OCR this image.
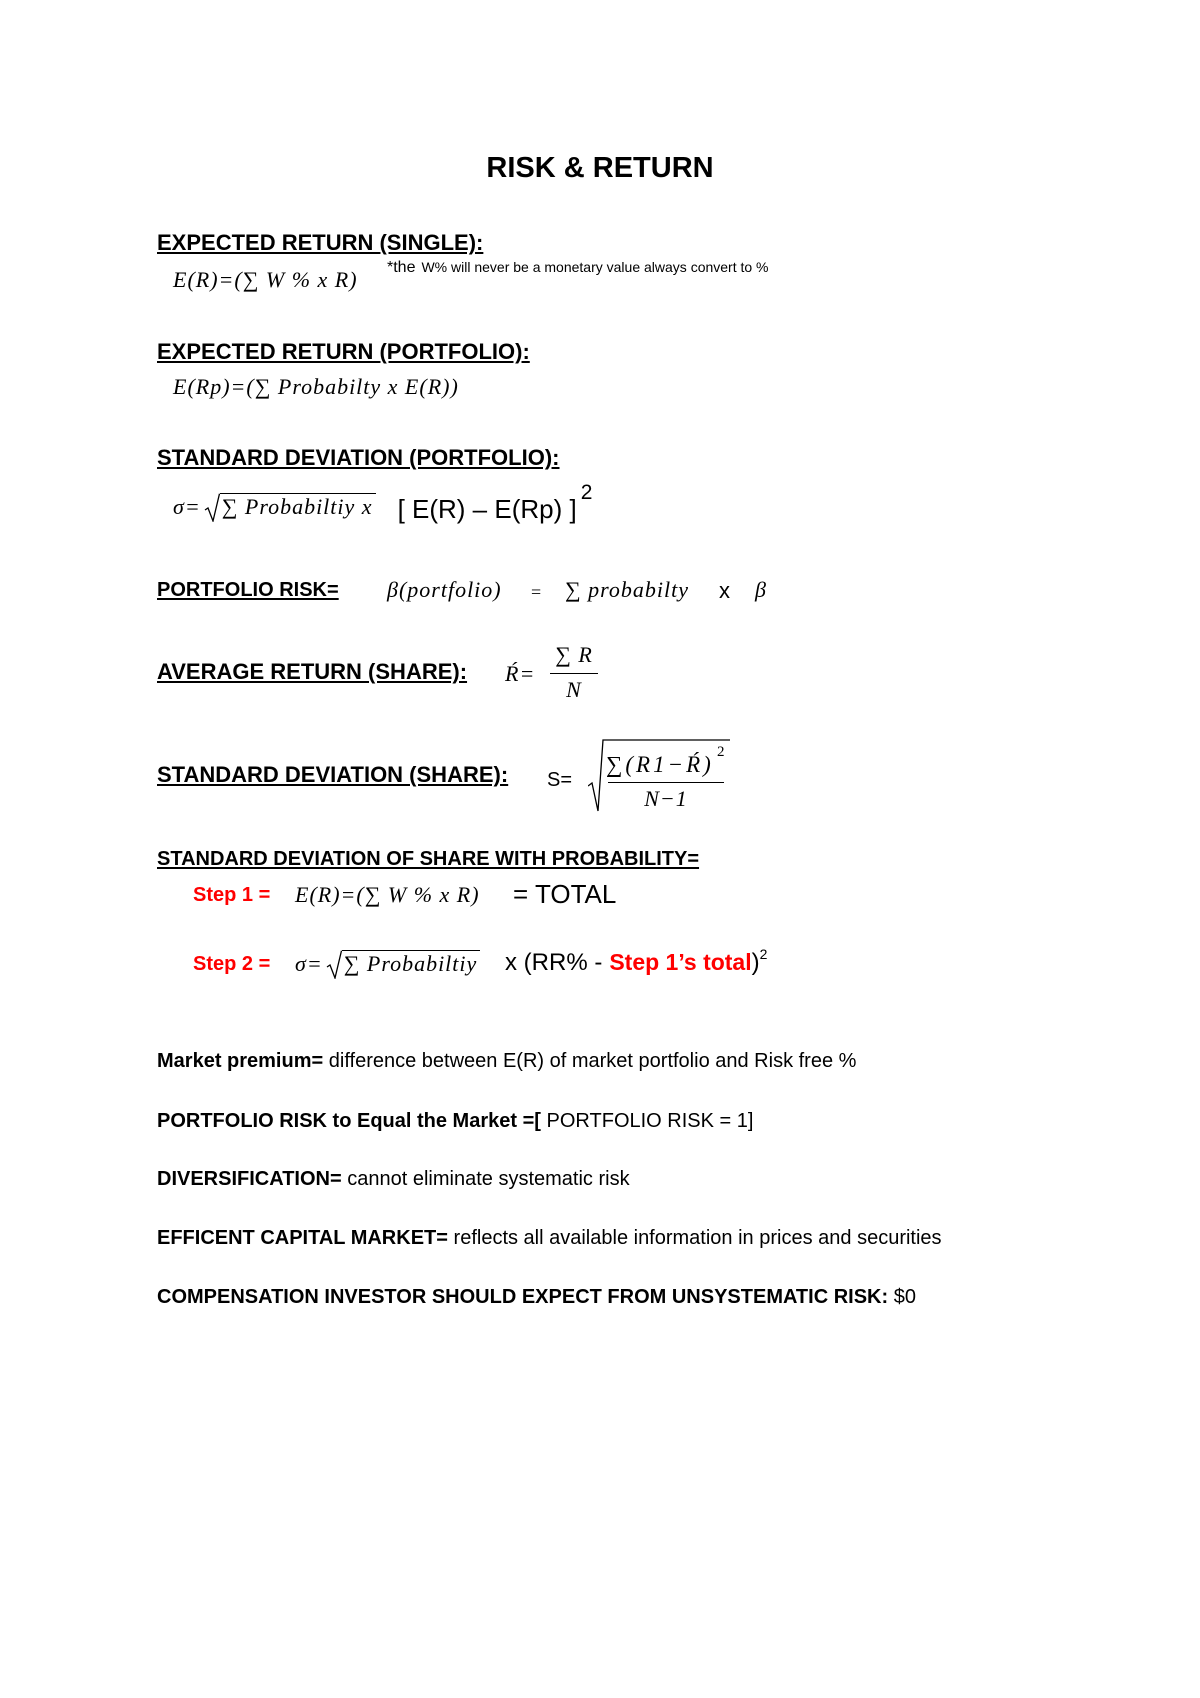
RISK & RETURN
EXPECTED RETURN (SINGLE):
E(R)=(∑ W % x R) *the W% will never be a monetary value always convert to %
EXPECTED RETURN (PORTFOLIO):
E(Rp)=(∑ Probabilty x E(R))
STANDARD DEVIATION (PORTFOLIO):
σ= ∑ Probabiltiy x [ E(R) – E(Rp) ]
2
PORTFOLIO RISK= β(portfolio) = ∑ probabilty x β
AVERAGE RETURN (SHARE): Ŕ=
∑ R
N
STANDARD DEVIATION (SHARE): S=
∑(R1−Ŕ) 2
N−1
STANDARD DEVIATION OF SHARE WITH PROBABILITY=
Step 1 = E(R)=(∑ W % x R) = TOTAL
Step 2 = σ= ∑ Probabiltiy x (RR% - Step 1’s total ) 2
Market premium= difference between E(R) of market portfolio and Risk free %
PORTFOLIO RISK to Equal the Market =[ PORTFOLIO RISK = 1]
DIVERSIFICATION= cannot eliminate systematic risk
EFFICENT CAPITAL MARKET= reflects all available information in prices and securities
COMPENSATION INVESTOR SHOULD EXPECT FROM UNSYSTEMATIC RISK: $0
